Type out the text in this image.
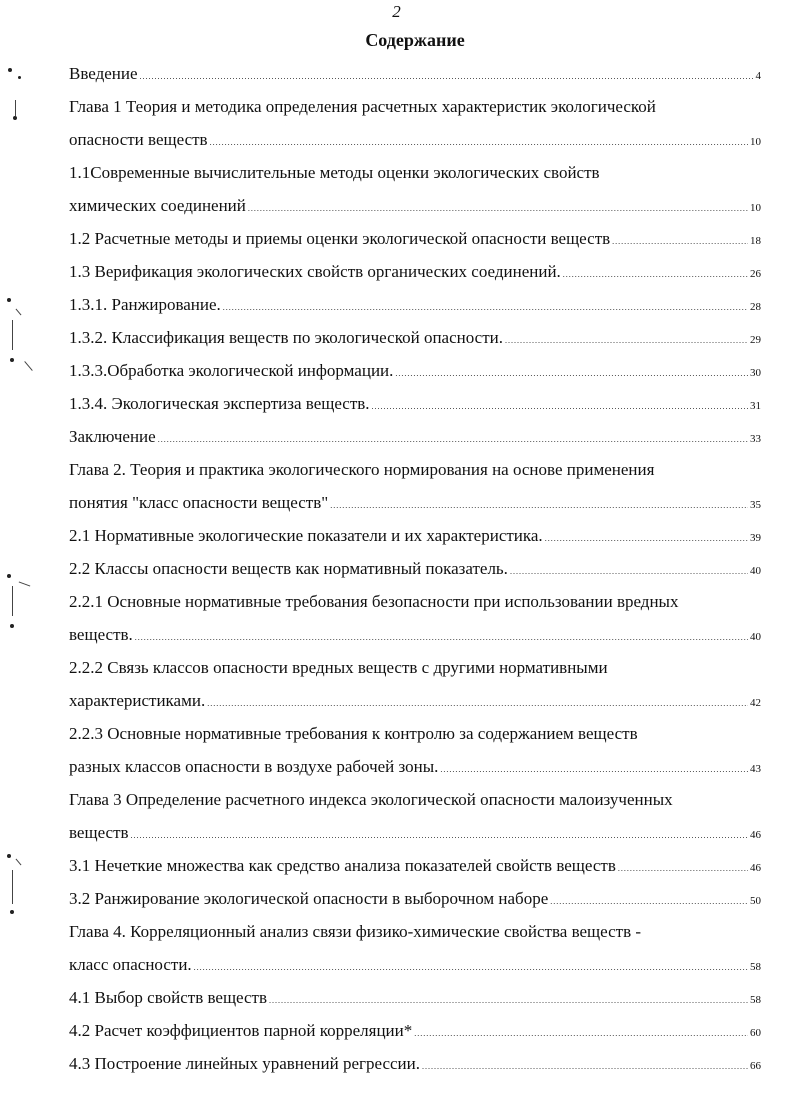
2
Содержание
Введение .....	4
Глава 1 Теория и методика определения расчетных характеристик экологической
опасности веществ .....	10
1.1Современные вычислительные методы оценки экологических свойств
химических соединений .....	10
1.2 Расчетные методы и приемы оценки экологической опасности веществ .....	18
1.3 Верификация экологических свойств органических соединений. .....	26
1.3.1. Ранжирование. .....	28
1.3.2. Классификация веществ по экологической опасности. .....	29
1.3.3.Обработка экологической информации. .....	30
1.3.4. Экологическая экспертиза веществ. .....	31
Заключение .....	33
Глава 2. Теория и практика экологического нормирования на основе применения
понятия "класс опасности веществ" .....	35
2.1 Нормативные экологические показатели и их характеристика. .....	39
2.2 Классы опасности веществ как нормативный показатель. .....	40
2.2.1 Основные нормативные требования безопасности при использовании вредных
веществ. .....	40
2.2.2 Связь классов опасности вредных веществ с другими нормативными
характеристиками. .....	42
2.2.3 Основные нормативные требования к контролю за содержанием веществ
разных классов опасности в воздухе рабочей зоны. .....	43
Глава 3 Определение расчетного индекса экологической опасности малоизученных
веществ .....	46
3.1 Нечеткие множества как средство анализа показателей свойств веществ .....	46
3.2 Ранжирование экологической опасности в выборочном наборе .....	50
Глава 4. Корреляционный анализ связи физико-химические свойства веществ -
класс опасности. .....	58
4.1 Выбор свойств веществ .....	58
4.2 Расчет коэффициентов парной корреляции* .....	60
4.3 Построение линейных уравнений регрессии. .....	66
